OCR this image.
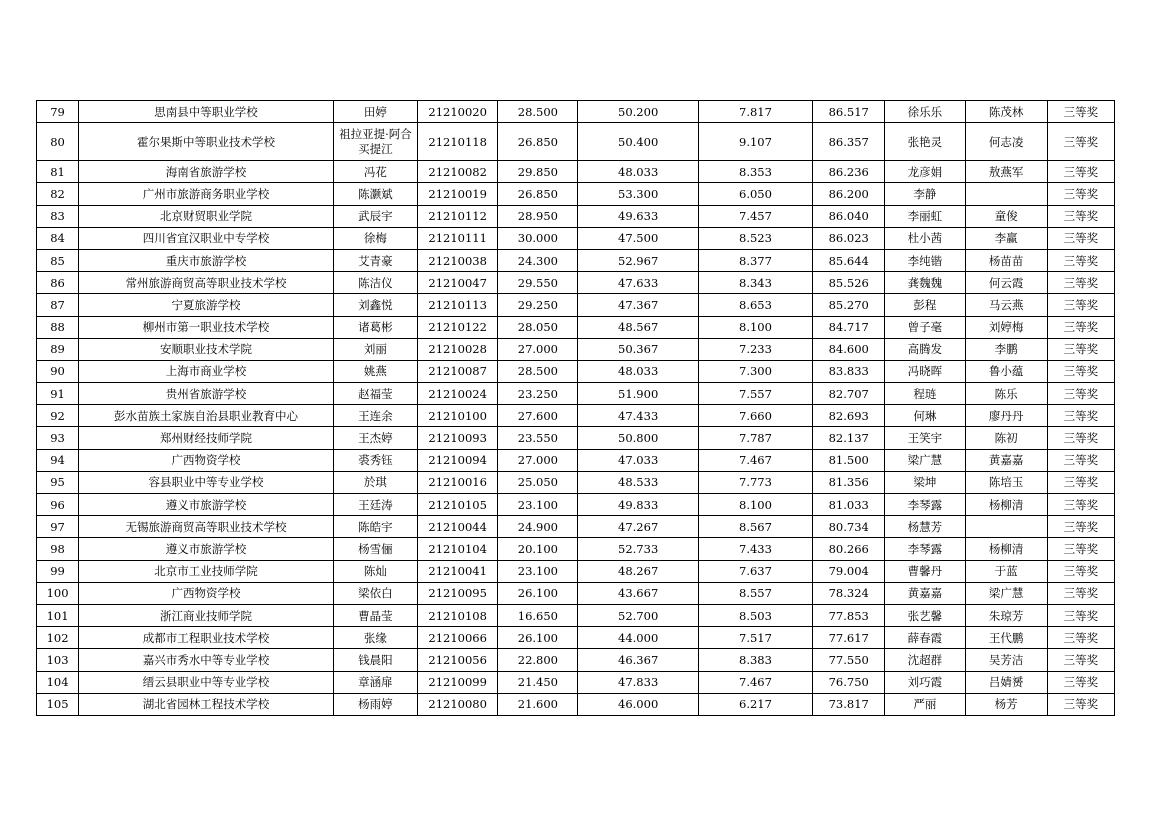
79	思南县中等职业学校	田婷	21210020	28.500	50.200	7.817	86.517	徐乐乐	陈茂林	三等奖
80	霍尔果斯中等职业技术学校	祖拉亚提·阿合买提江	21210118	26.850	50.400	9.107	86.357	张艳灵	何志凌	三等奖
81	海南省旅游学校	冯花	21210082	29.850	48.033	8.353	86.236	龙彦娟	敖燕军	三等奖
82	广州市旅游商务职业学校	陈灏斌	21210019	26.850	53.300	6.050	86.200	李静		三等奖
83	北京财贸职业学院	武辰宇	21210112	28.950	49.633	7.457	86.040	李丽虹	童俊	三等奖
84	四川省宜汉职业中专学校	徐梅	21210111	30.000	47.500	8.523	86.023	杜小茜	李赢	三等奖
85	重庆市旅游学校	艾青豪	21210038	24.300	52.967	8.377	85.644	李纯锴	杨苗苗	三等奖
86	常州旅游商贸高等职业技术学校	陈洁仪	21210047	29.550	47.633	8.343	85.526	龚魏魏	何云霞	三等奖
87	宁夏旅游学校	刘鑫悦	21210113	29.250	47.367	8.653	85.270	彭程	马云燕	三等奖
88	柳州市第一职业技术学校	诸葛彬	21210122	28.050	48.567	8.100	84.717	曾子毫	刘婷梅	三等奖
89	安顺职业技术学院	刘丽	21210028	27.000	50.367	7.233	84.600	高腾发	李鹏	三等奖
90	上海市商业学校	姚燕	21210087	28.500	48.033	7.300	83.833	冯晓晖	鲁小蕴	三等奖
91	贵州省旅游学校	赵福莹	21210024	23.250	51.900	7.557	82.707	程琏	陈乐	三等奖
92	彭水苗族土家族自治县职业教育中心	王连余	21210100	27.600	47.433	7.660	82.693	何琳	廖丹丹	三等奖
93	郑州财经技师学院	王杰婷	21210093	23.550	50.800	7.787	82.137	王笑宇	陈初	三等奖
94	广西物资学校	裘秀钰	21210094	27.000	47.033	7.467	81.500	梁广慧	黄嘉嘉	三等奖
95	容县职业中等专业学校	於琪	21210016	25.050	48.533	7.773	81.356	梁坤	陈培玉	三等奖
96	遵义市旅游学校	王廷涛	21210105	23.100	49.833	8.100	81.033	李琴露	杨柳清	三等奖
97	无锡旅游商贸高等职业技术学校	陈皓宇	21210044	24.900	47.267	8.567	80.734	杨慧芳		三等奖
98	遵义市旅游学校	杨雪俪	21210104	20.100	52.733	7.433	80.266	李琴露	杨柳清	三等奖
99	北京市工业技师学院	陈灿	21210041	23.100	48.267	7.637	79.004	曹馨丹	于蓝	三等奖
100	广西物资学校	梁依白	21210095	26.100	43.667	8.557	78.324	黄嘉嘉	梁广慧	三等奖
101	浙江商业技师学院	曹晶莹	21210108	16.650	52.700	8.503	77.853	张艺馨	朱琼芳	三等奖
102	成都市工程职业技术学校	张缘	21210066	26.100	44.000	7.517	77.617	薛春霞	王代鹏	三等奖
103	嘉兴市秀水中等专业学校	钱晨阳	21210056	22.800	46.367	8.383	77.550	沈超群	吴芳洁	三等奖
104	缙云县职业中等专业学校	章涵扉	21210099	21.450	47.833	7.467	76.750	刘巧霞	吕婧赟	三等奖
105	湖北省园林工程技术学校	杨雨婷	21210080	21.600	46.000	6.217	73.817	严丽	杨芳	三等奖
